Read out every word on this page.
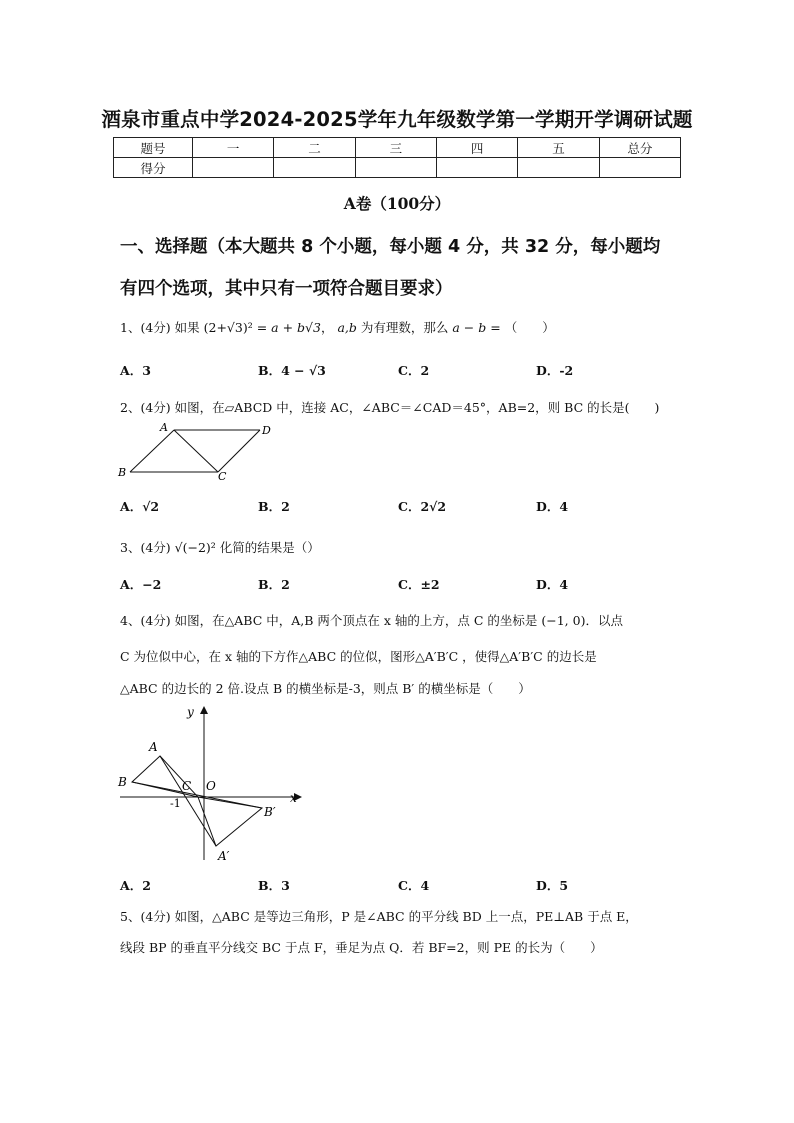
酒泉市重点中学2024-2025学年九年级数学第一学期开学调研试题
题号	一	二	三	四	五	总分
得分						
A卷（100分）
一、选择题（本大题共 8 个小题，每小题 4 分，共 32 分，每小题均
有四个选项，其中只有一项符合题目要求）
1、(4分) 如果 (2+√3)² = a + b√3， a,b 为有理数，那么 a − b = （　　）
A．3	B．4 − √3	C．2	D．-2
2、(4分) 如图，在▱ABCD 中，连接 AC，∠ABC＝∠CAD＝45°，AB=2，则 BC 的长是(　　)
A	D
B	C
A．√2	B．2	C．2√2	D．4
3、(4分) √(−2)² 化简的结果是（）
A．−2	B．2	C．±2	D．4
4、(4分) 如图，在△ABC 中，A,B 两个顶点在 x 轴的上方，点 C 的坐标是 (−1, 0)．以点
C 为位似中心，在 x 轴的下方作△ABC 的位似，图形△A′B′C ，使得△A′B′C 的边长是
△ABC 的边长的 2 倍.设点 B 的横坐标是-3，则点 B′ 的横坐标是（　　）
y
A
B	C O
-1	x
B′
A′
A．2	B．3	C．4	D．5
5、(4分) 如图，△ABC 是等边三角形，P 是∠ABC 的平分线 BD 上一点，PE⊥AB 于点 E，
线段 BP 的垂直平分线交 BC 于点 F，垂足为点 Q．若 BF=2，则 PE 的长为（　　）
